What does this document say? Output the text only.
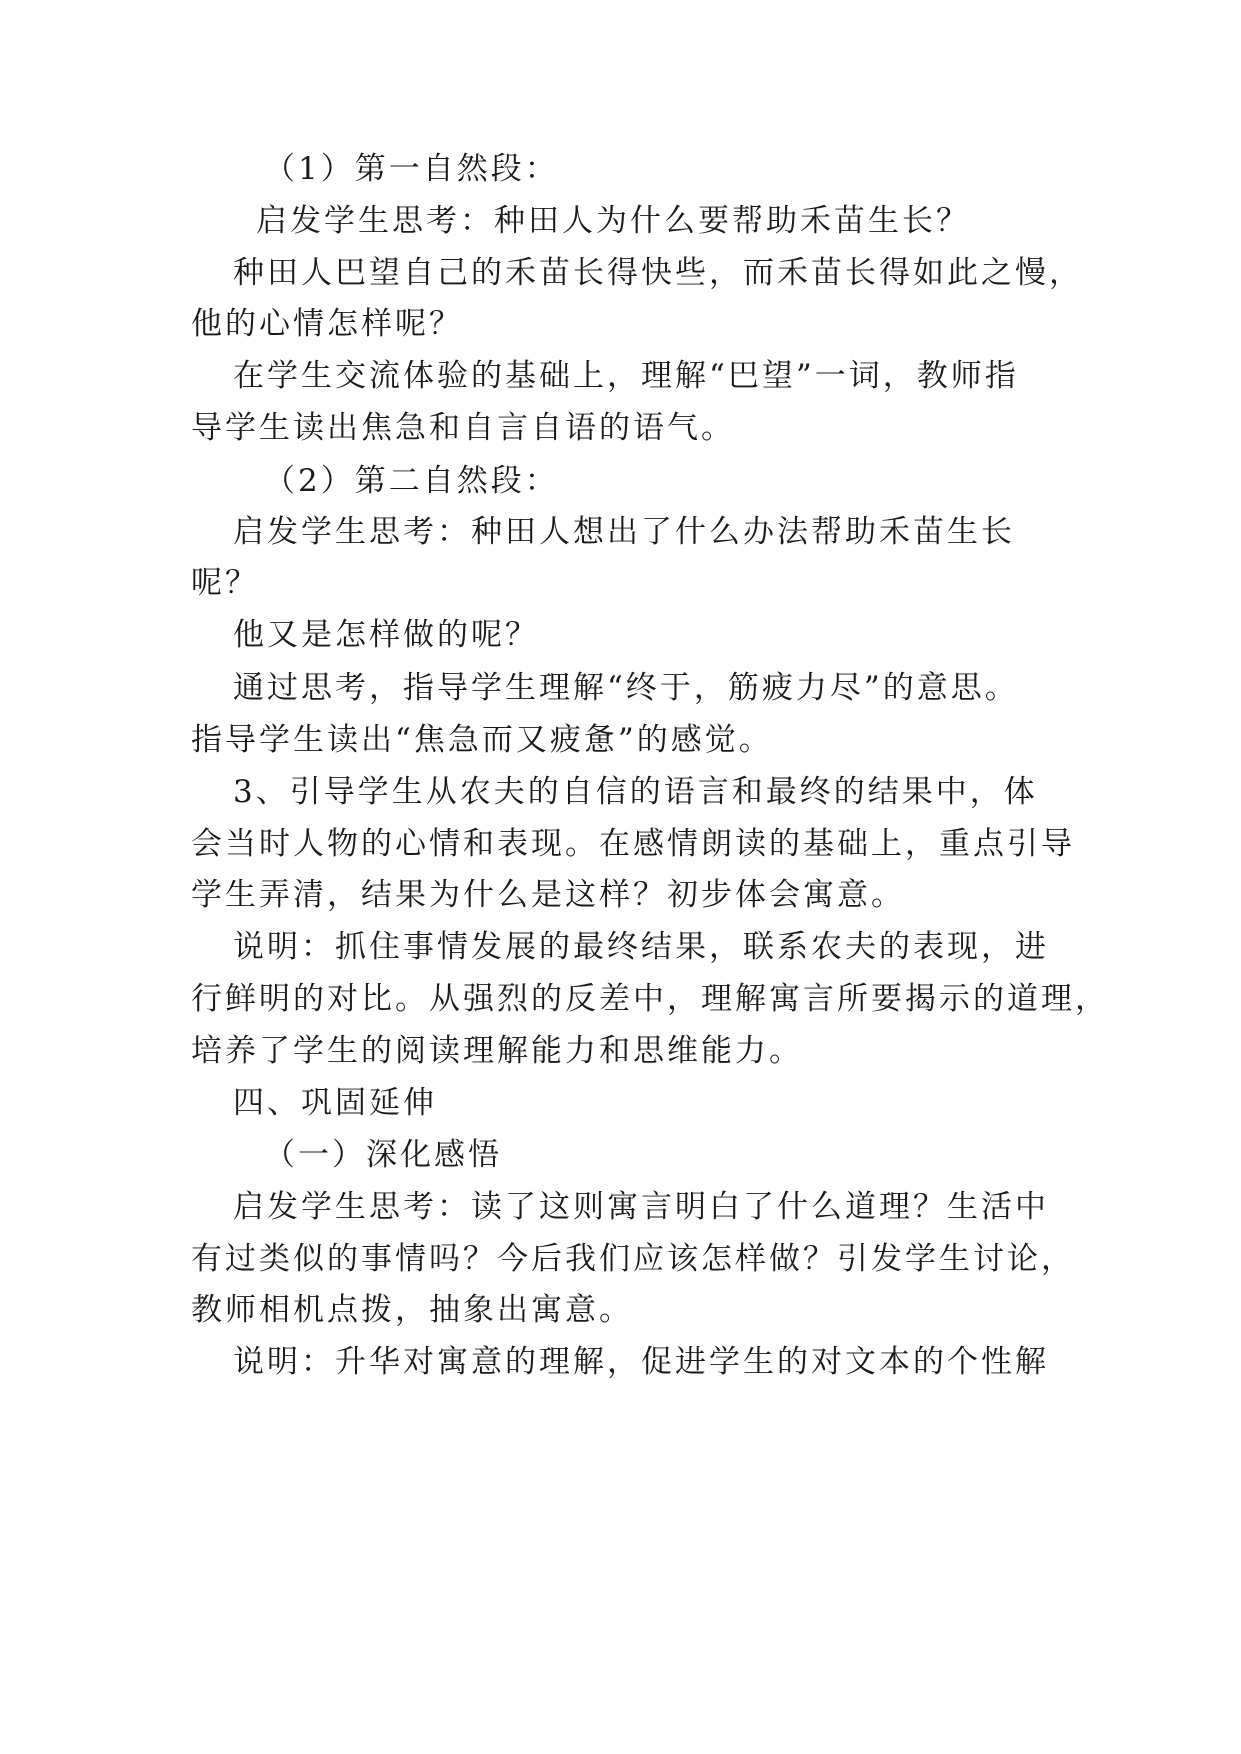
（1）第一自然段：
启发学生思考：种田人为什么要帮助禾苗生长？
种田人巴望自己的禾苗长得快些，而禾苗长得如此之慢，
他的心情怎样呢？
在学生交流体验的基础上，理解“巴望”一词，教师指
导学生读出焦急和自言自语的语气。
（2）第二自然段：
启发学生思考：种田人想出了什么办法帮助禾苗生长
呢？
他又是怎样做的呢？
通过思考，指导学生理解“终于，筋疲力尽”的意思。
指导学生读出“焦急而又疲惫”的感觉。
3、引导学生从农夫的自信的语言和最终的结果中，体
会当时人物的心情和表现。在感情朗读的基础上，重点引导
学生弄清，结果为什么是这样？初步体会寓意。
说明：抓住事情发展的最终结果，联系农夫的表现，进
行鲜明的对比。从强烈的反差中，理解寓言所要揭示的道理，
培养了学生的阅读理解能力和思维能力。
四、巩固延伸
（一）深化感悟
启发学生思考：读了这则寓言明白了什么道理？生活中
有过类似的事情吗？今后我们应该怎样做？引发学生讨论，
教师相机点拨，抽象出寓意。
说明：升华对寓意的理解，促进学生的对文本的个性解
